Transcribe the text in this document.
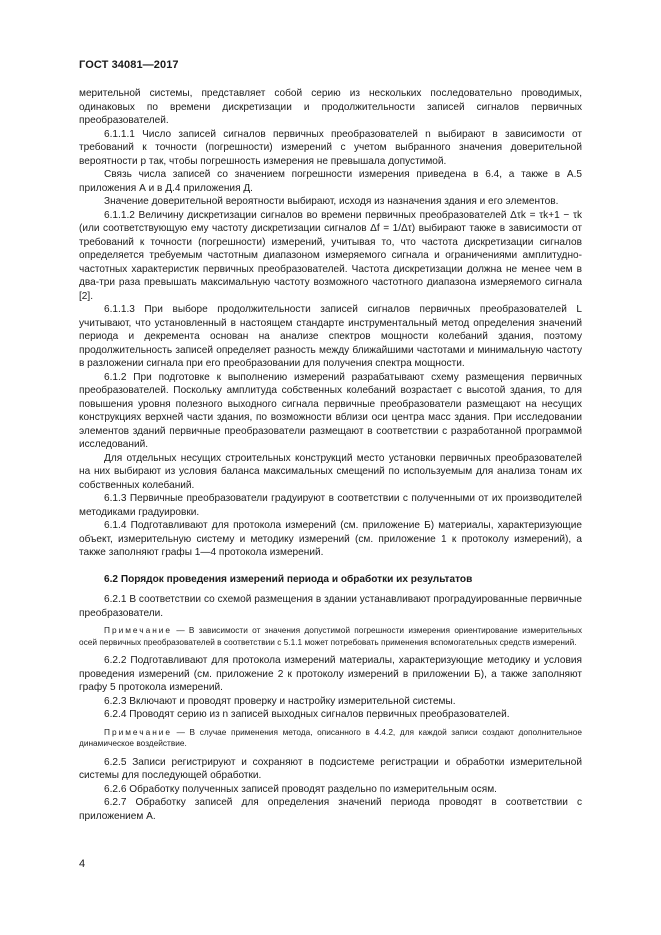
ГОСТ 34081—2017

мерительной системы, представляет собой серию из нескольких последовательно проводимых, одинаковых по времени дискретизации и продолжительности записей сигналов первичных преобразователей.

6.1.1.1 Число записей сигналов первичных преобразователей n выбирают в зависимости от требований к точности (погрешности) измерений с учетом выбранного значения доверительной вероятности p так, чтобы погрешность измерения не превышала допустимой.

Связь числа записей со значением погрешности измерения приведена в 6.4, а также в А.5 приложения А и в Д.4 приложения Д.

Значение доверительной вероятности выбирают, исходя из назначения здания и его элементов.

6.1.1.2 Величину дискретизации сигналов во времени первичных преобразователей Δτk = τk+1 − τk (или соответствующую ему частоту дискретизации сигналов Δf = 1/Δτ) выбирают также в зависимости от требований к точности (погрешности) измерений, учитывая то, что частота дискретизации сигналов определяется требуемым частотным диапазоном измеряемого сигнала и ограничениями амплитудно-частотных характеристик первичных преобразователей. Частота дискретизации должна не менее чем в два-три раза превышать максимальную частоту возможного частотного диапазона измеряемого сигнала [2].

6.1.1.3 При выборе продолжительности записей сигналов первичных преобразователей L учитывают, что установленный в настоящем стандарте инструментальный метод определения значений периода и декремента основан на анализе спектров мощности колебаний здания, поэтому продолжительность записей определяет разность между ближайшими частотами и минимальную частоту в разложении сигнала при его преобразовании для получения спектра мощности.

6.1.2 При подготовке к выполнению измерений разрабатывают схему размещения первичных преобразователей. Поскольку амплитуда собственных колебаний возрастает с высотой здания, то для повышения уровня полезного выходного сигнала первичные преобразователи размещают на несущих конструкциях верхней части здания, по возможности вблизи оси центра масс здания. При исследовании элементов зданий первичные преобразователи размещают в соответствии с разработанной программой исследований.

Для отдельных несущих строительных конструкций место установки первичных преобразователей на них выбирают из условия баланса максимальных смещений по используемым для анализа тонам их собственных колебаний.

6.1.3 Первичные преобразователи градуируют в соответствии с полученными от их производителей методиками градуировки.

6.1.4 Подготавливают для протокола измерений (см. приложение Б) материалы, характеризующие объект, измерительную систему и методику измерений (см. приложение 1 к протоколу измерений), а также заполняют графы 1—4 протокола измерений.

6.2 Порядок проведения измерений периода и обработки их результатов

6.2.1 В соответствии со схемой размещения в здании устанавливают проградуированные первичные преобразователи.

Примечание — В зависимости от значения допустимой погрешности измерения ориентирование измерительных осей первичных преобразователей в соответствии с 5.1.1 может потребовать применения вспомогательных средств измерений.

6.2.2 Подготавливают для протокола измерений материалы, характеризующие методику и условия проведения измерений (см. приложение 2 к протоколу измерений в приложении Б), а также заполняют графу 5 протокола измерений.

6.2.3 Включают и проводят проверку и настройку измерительной системы.

6.2.4 Проводят серию из n записей выходных сигналов первичных преобразователей.

Примечание — В случае применения метода, описанного в 4.4.2, для каждой записи создают дополнительное динамическое воздействие.

6.2.5 Записи регистрируют и сохраняют в подсистеме регистрации и обработки измерительной системы для последующей обработки.

6.2.6 Обработку полученных записей проводят раздельно по измерительным осям.

6.2.7 Обработку записей для определения значений периода проводят в соответствии с приложением А.

4
